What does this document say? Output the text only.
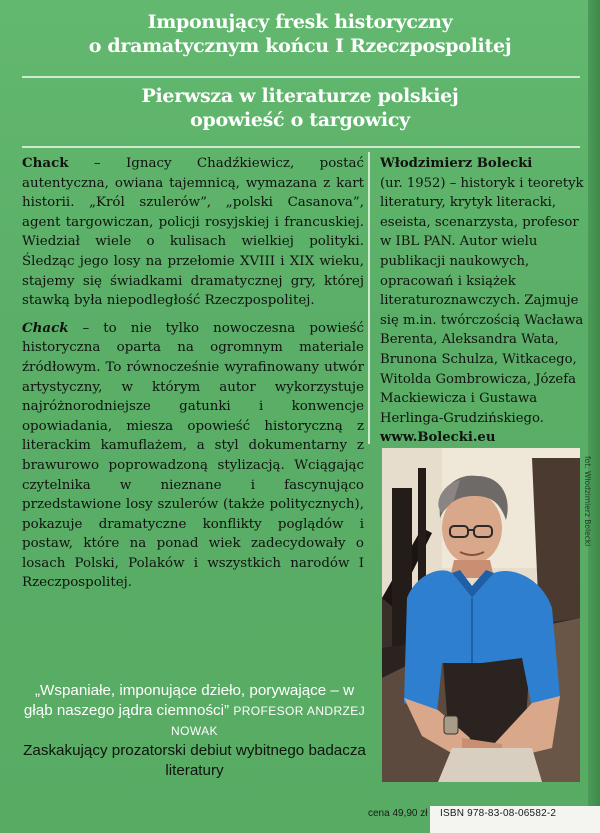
Imponujący fresk historyczny
o dramatycznym końcu I Rzeczpospolitej
Pierwsza w literaturze polskiej
opowieść o targowicy

Chack – Ignacy Chadźkiewicz, postać autentyczna, owiana tajemnicą, wymazana z kart historii. „Król szulerów”, „polski Casanova”, agent targowiczan, policji rosyjskiej i francuskiej. Wiedział wiele o kulisach wielkiej polityki. Śledząc jego losy na przełomie XVIII i XIX wieku, stajemy się świadkami dramatycznej gry, której stawką była niepodległość Rzeczpospolitej.

Chack – to nie tylko nowoczesna powieść historyczna oparta na ogromnym materiale źródłowym. To równocześnie wyrafinowany utwór artystyczny, w którym autor wykorzystuje najróżnorodniejsze gatunki i konwencje opowiadania, miesza opowieść historyczną z literackim kamuflażem, a styl dokumentarny z brawurowo poprowadzoną stylizacją. Wciągając czytelnika w nieznane i fascynująco przedstawione losy szulerów (także politycznych), pokazuje dramatyczne konflikty poglądów i postaw, które na ponad wiek zadecydowały o losach Polski, Polaków i wszystkich narodów I Rzeczpospolitej.

Włodzimierz Bolecki
(ur. 1952) – historyk i teoretyk literatury, krytyk literacki, eseista, scenarzysta, profesor w IBL PAN. Autor wielu publikacji naukowych, opracowań i książek literaturoznawczych. Zajmuje się m.in. twórczością Wacława Berenta, Aleksandra Wata, Brunona Schulza, Witkacego, Witolda Gombrowicza, Józefa Mackiewicza i Gustawa Herlinga-Grudzińskiego.
www.Bolecki.eu
fot. Włodzimierz Bolecki
„Wspaniałe, imponujące dzieło, porywające – w głąb naszego jądra ciemności” PROFESOR ANDRZEJ NOWAK
Zaskakujący prozatorski debiut wybitnego badacza literatury
cena 49,90 zł ISBN 978-83-08-06582-2
